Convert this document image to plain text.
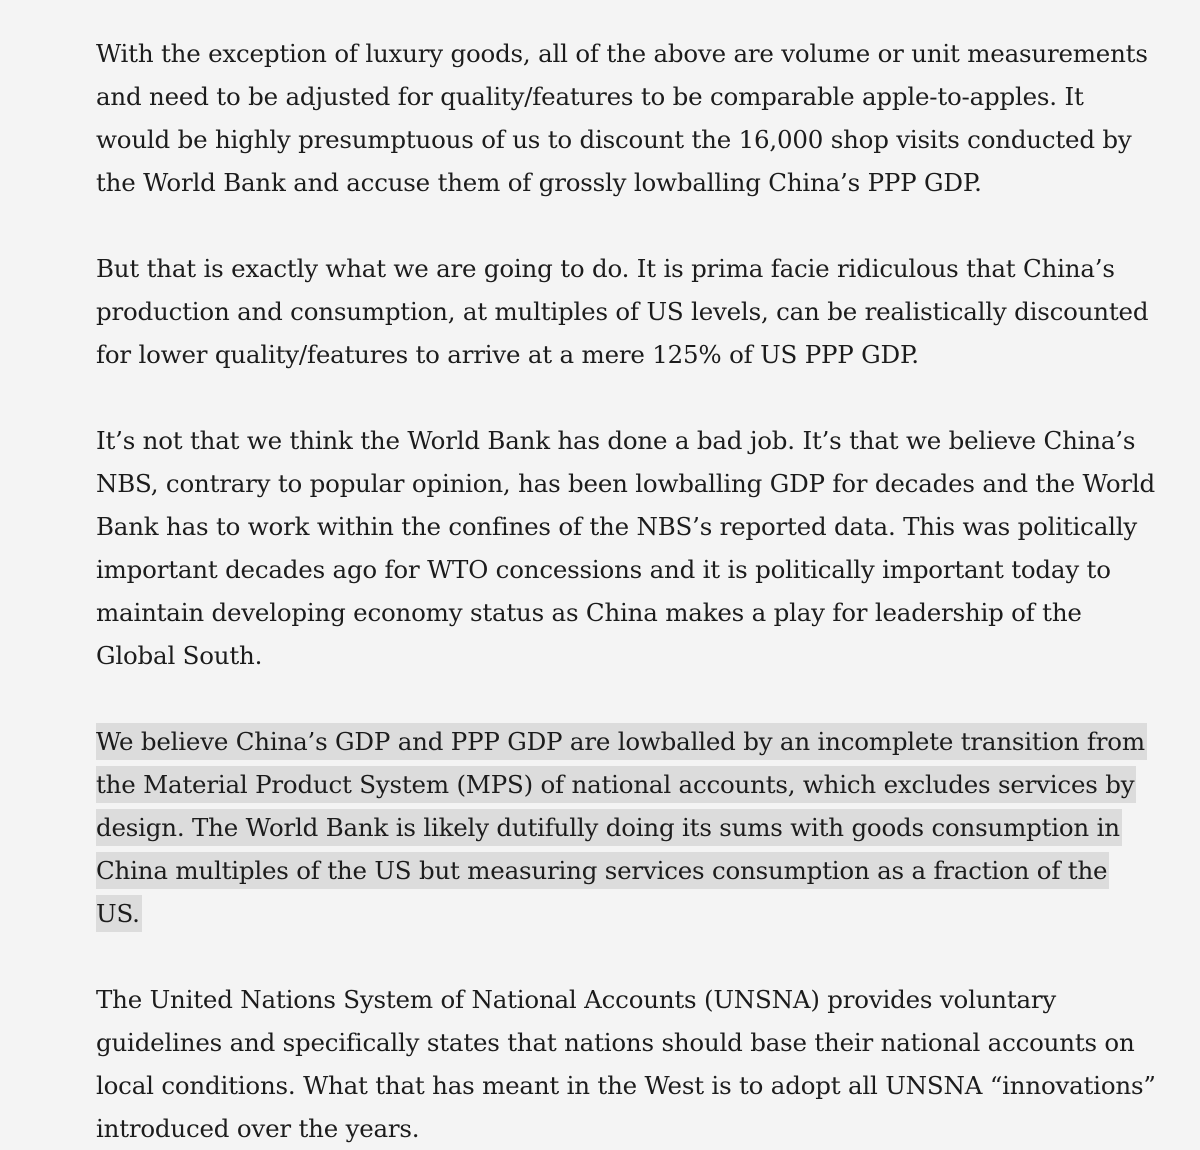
With the exception of luxury goods, all of the above are volume or unit measurements and need to be adjusted for quality/features to be comparable apple-to-apples. It would be highly presumptuous of us to discount the 16,000 shop visits conducted by the World Bank and accuse them of grossly lowballing China’s PPP GDP.

But that is exactly what we are going to do. It is prima facie ridiculous that China’s production and consumption, at multiples of US levels, can be realistically discounted for lower quality/features to arrive at a mere 125% of US PPP GDP.

It’s not that we think the World Bank has done a bad job. It’s that we believe China’s NBS, contrary to popular opinion, has been lowballing GDP for decades and the World Bank has to work within the confines of the NBS’s reported data. This was politically important decades ago for WTO concessions and it is politically important today to maintain developing economy status as China makes a play for leadership of the Global South.

We believe China’s GDP and PPP GDP are lowballed by an incomplete transition from the Material Product System (MPS) of national accounts, which excludes services by design. The World Bank is likely dutifully doing its sums with goods consumption in China multiples of the US but measuring services consumption as a fraction of the US.

The United Nations System of National Accounts (UNSNA) provides voluntary guidelines and specifically states that nations should base their national accounts on local conditions. What that has meant in the West is to adopt all UNSNA “innovations” introduced over the years.
